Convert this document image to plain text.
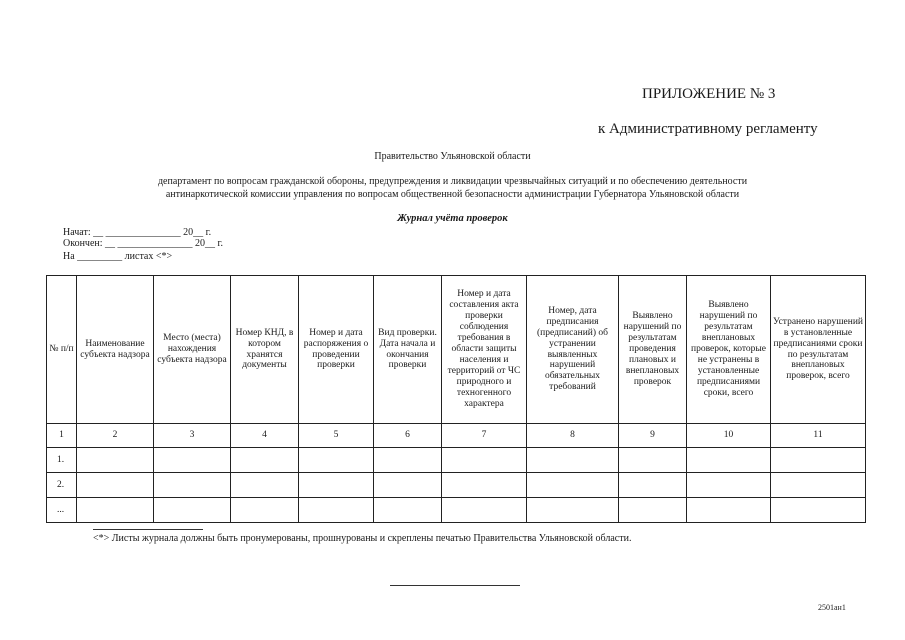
ПРИЛОЖЕНИЕ № 3
к Административному регламенту
Правительство Ульяновской области
департамент по вопросам гражданской обороны, предупреждения и ликвидации чрезвычайных ситуаций и по обеспечению деятельности
антинаркотической комиссии управления по вопросам общественной безопасности администрации Губернатора Ульяновской области
Журнал учёта проверок
Начат: __ _______________ 20__ г.
Окончен: __ _______________ 20__ г.
На _________ листах <*>
№ п/п	Наименование субъекта надзора	Место (места) нахождения субъекта надзора	Номер КНД, в котором хранятся документы	Номер и дата распоряжения о проведении проверки	Вид проверки. Дата начала и окончания проверки	Номер и дата составления акта проверки соблюдения требования в области защиты населения и территорий от ЧС природного и техногенного характера	Номер, дата предписания (предписаний) об устранении выявленных нарушений обязательных требований	Выявлено нарушений по результатам проведения плановых и внеплановых проверок	Выявлено нарушений по результатам внеплановых проверок, которые не устранены в установленные предписаниями сроки, всего	Устранено нарушений в установленные предписаниями сроки по результатам внеплановых проверок, всего
1	2	3	4	5	6	7	8	9	10	11
1.										
2.										
...										
<*> Листы журнала должны быть пронумерованы, прошнурованы и скреплены печатью Правительства Ульяновской области.
2501ан1
